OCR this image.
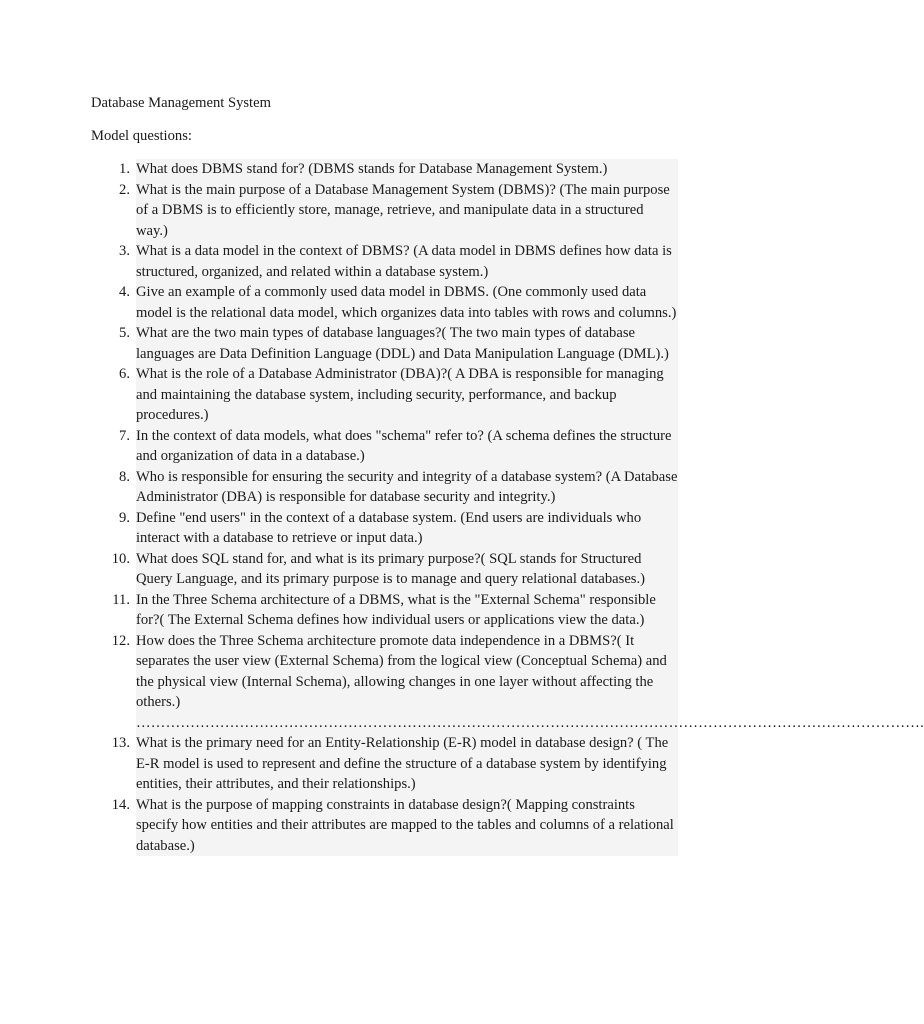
Database Management System

Model questions:

1. What does DBMS stand for? (DBMS stands for Database Management System.)
2. What is the main purpose of a Database Management System (DBMS)? (The main purpose of a DBMS is to efficiently store, manage, retrieve, and manipulate data in a structured way.)
3. What is a data model in the context of DBMS? (A data model in DBMS defines how data is structured, organized, and related within a database system.)
4. Give an example of a commonly used data model in DBMS. (One commonly used data model is the relational data model, which organizes data into tables with rows and columns.)
5. What are the two main types of database languages?( The two main types of database languages are Data Definition Language (DDL) and Data Manipulation Language (DML).)
6. What is the role of a Database Administrator (DBA)?( A DBA is responsible for managing and maintaining the database system, including security, performance, and backup procedures.)
7. In the context of data models, what does "schema" refer to? (A schema defines the structure and organization of data in a database.)
8. Who is responsible for ensuring the security and integrity of a database system? (A Database Administrator (DBA) is responsible for database security and integrity.)
9. Define "end users" in the context of a database system. (End users are individuals who interact with a database to retrieve or input data.)
10. What does SQL stand for, and what is its primary purpose?( SQL stands for Structured Query Language, and its primary purpose is to manage and query relational databases.)
11. In the Three Schema architecture of a DBMS, what is the "External Schema" responsible for?( The External Schema defines how individual users or applications view the data.)
12. How does the Three Schema architecture promote data independence in a DBMS?( It separates the user view (External Schema) from the logical view (Conceptual Schema) and the physical view (Internal Schema), allowing changes in one layer without affecting the others.)
…………………………………………………………………………………………………………………………………………….
13. What is the primary need for an Entity-Relationship (E-R) model in database design? ( The E-R model is used to represent and define the structure of a database system by identifying entities, their attributes, and their relationships.)
14. What is the purpose of mapping constraints in database design?( Mapping constraints specify how entities and their attributes are mapped to the tables and columns of a relational database.)
